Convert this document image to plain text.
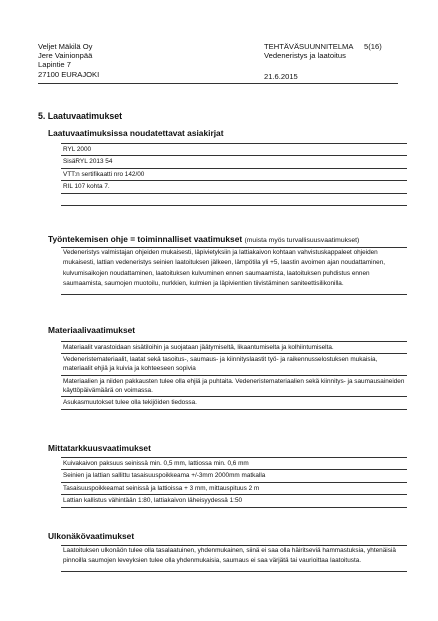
Veljet Mäkilä Oy
Jere Vainionpää
Lapintie 7
27100 EURAJOKI
TEHTÄVÄSUUNNITELMA
Vedeneristys ja laatoitus
5(16)
21.6.2015
5. Laatuvaatimukset
Laatuvaatimuksissa noudatettavat asiakirjat
RYL 2000
SisäRYL 2013 54
VTT:n sertifikaatti nro 142/00
RIL 107 kohta 7.
Työntekemisen ohje = toiminnalliset vaatimukset (muista myös turvallisuusvaatimukset)
Vedeneristys valmistajan ohjeiden mukaisesti, läpivietyksiin ja lattiakaivon kohtaan vahvistuskappaleet ohjeiden mukaisesti, lattian vedeneristys seinien laatoituksen jälkeen, lämpötila yli +5, laastin avoimen ajan noudattaminen, kulvumisaikojen noudattaminen, laatoituksen kulvuminen ennen saumaamista, laatoituksen puhdistus ennen saumaamista, saumojen muotoilu, nurkkien, kulmien ja läpivientien tiivistäminen saniteettisilikonilla.
Materiaalivaatimukset
Materiaalit varastoidaan sisätiloihin ja suojataan jäätymiseltä, likaantumiselta ja kolhiintumiselta.
Vedeneristemateriaalit, laatat sekä tasoitus-, saumaus- ja kiinnityslaastit työ- ja raikennusselostuksen mukaisia, materiaalit ehjiä ja kuivia ja kohteeseen sopivia
Materiaalien ja niiden pakkausten tulee olla ehjiä ja puhtaita. Vedeneristemateriaalien sekä kiinnitys- ja saumausaineiden käyttöpäivämäärä on voimassa.
Asukasmuutokset tulee olla tekijöiden tiedossa.
Mittatarkkuusvaatimukset
Kuivakaivon paksuus seinissä min. 0,5 mm, lattiossa min. 0,6 mm
Seinien ja lattian sallittu tasaisuuspoikkeama +/-3mm 2000mm matkalla
Tasaisuuspoikkeamat seinissä ja lattioissa + 3 mm, mittauspituus 2 m
Lattian kallistus vähintään 1:80, lattiakaivon läheisyydessä 1:50
Ulkonäkövaatimukset
Laatoituksen ulkonäön tulee olla tasalaatuinen, yhdenmukainen, siinä ei saa olla häiritseviä hammastuksia, yhtenäisiä pinnoilla saumojen leveyksien tulee olla yhdenmukaisia, saumaus ei saa värjätä tai vaurioittaa laatoitusta.
